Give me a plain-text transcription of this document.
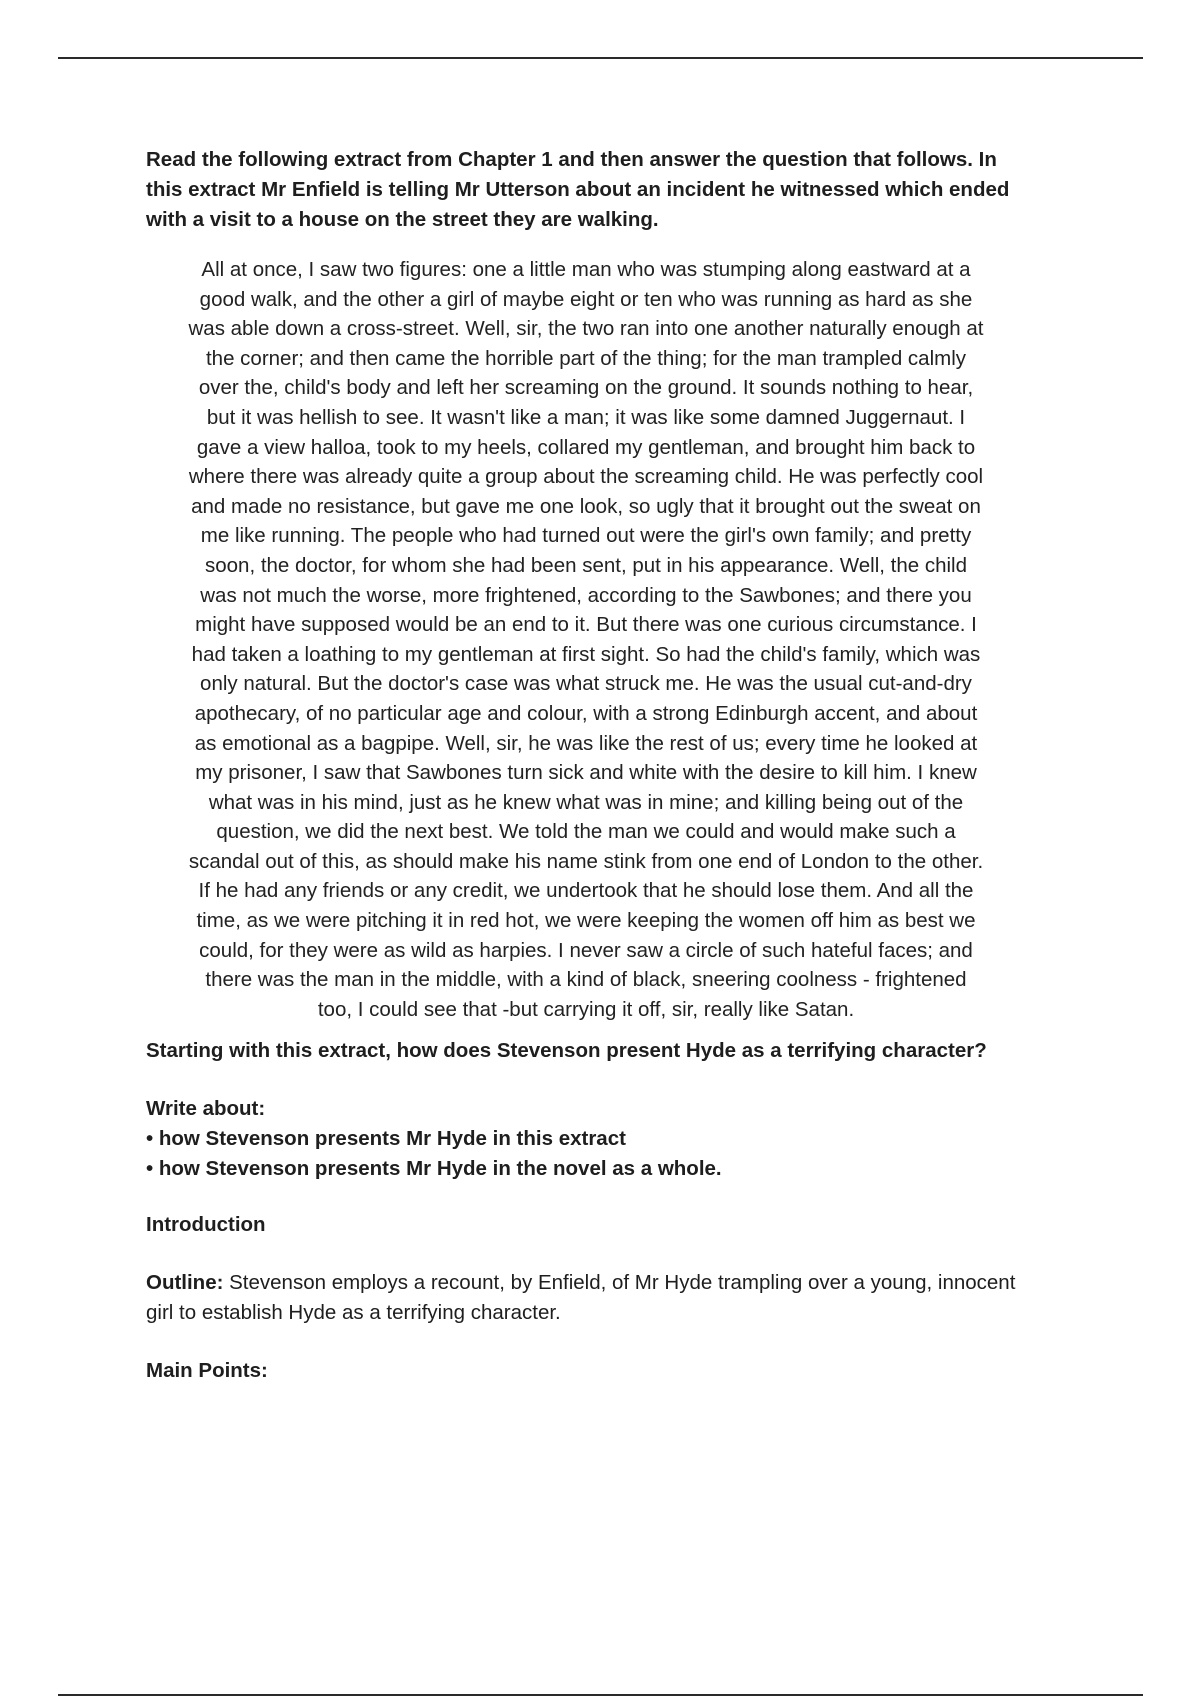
Read the following extract from Chapter 1 and then answer the question that follows. In this extract Mr Enfield is telling Mr Utterson about an incident he witnessed which ended with a visit to a house on the street they are walking.

All at once, I saw two figures: one a little man who was stumping along eastward at a good walk, and the other a girl of maybe eight or ten who was running as hard as she was able down a cross-street. Well, sir, the two ran into one another naturally enough at the corner; and then came the horrible part of the thing; for the man trampled calmly over the, child's body and left her screaming on the ground. It sounds nothing to hear, but it was hellish to see. It wasn't like a man; it was like some damned Juggernaut. I gave a view halloa, took to my heels, collared my gentleman, and brought him back to where there was already quite a group about the screaming child. He was perfectly cool and made no resistance, but gave me one look, so ugly that it brought out the sweat on me like running. The people who had turned out were the girl's own family; and pretty soon, the doctor, for whom she had been sent, put in his appearance. Well, the child was not much the worse, more frightened, according to the Sawbones; and there you might have supposed would be an end to it. But there was one curious circumstance. I had taken a loathing to my gentleman at first sight. So had the child's family, which was only natural. But the doctor's case was what struck me. He was the usual cut-and-dry apothecary, of no particular age and colour, with a strong Edinburgh accent, and about as emotional as a bagpipe. Well, sir, he was like the rest of us; every time he looked at my prisoner, I saw that Sawbones turn sick and white with the desire to kill him. I knew what was in his mind, just as he knew what was in mine; and killing being out of the question, we did the next best. We told the man we could and would make such a scandal out of this, as should make his name stink from one end of London to the other. If he had any friends or any credit, we undertook that he should lose them. And all the time, as we were pitching it in red hot, we were keeping the women off him as best we could, for they were as wild as harpies. I never saw a circle of such hateful faces; and there was the man in the middle, with a kind of black, sneering coolness - frightened too, I could see that -but carrying it off, sir, really like Satan.

Starting with this extract, how does Stevenson present Hyde as a terrifying character?

Write about:

• how Stevenson presents Mr Hyde in this extract

• how Stevenson presents Mr Hyde in the novel as a whole.

Introduction

Outline: Stevenson employs a recount, by Enfield, of Mr Hyde trampling over a young, innocent girl to establish Hyde as a terrifying character.

Main Points:
